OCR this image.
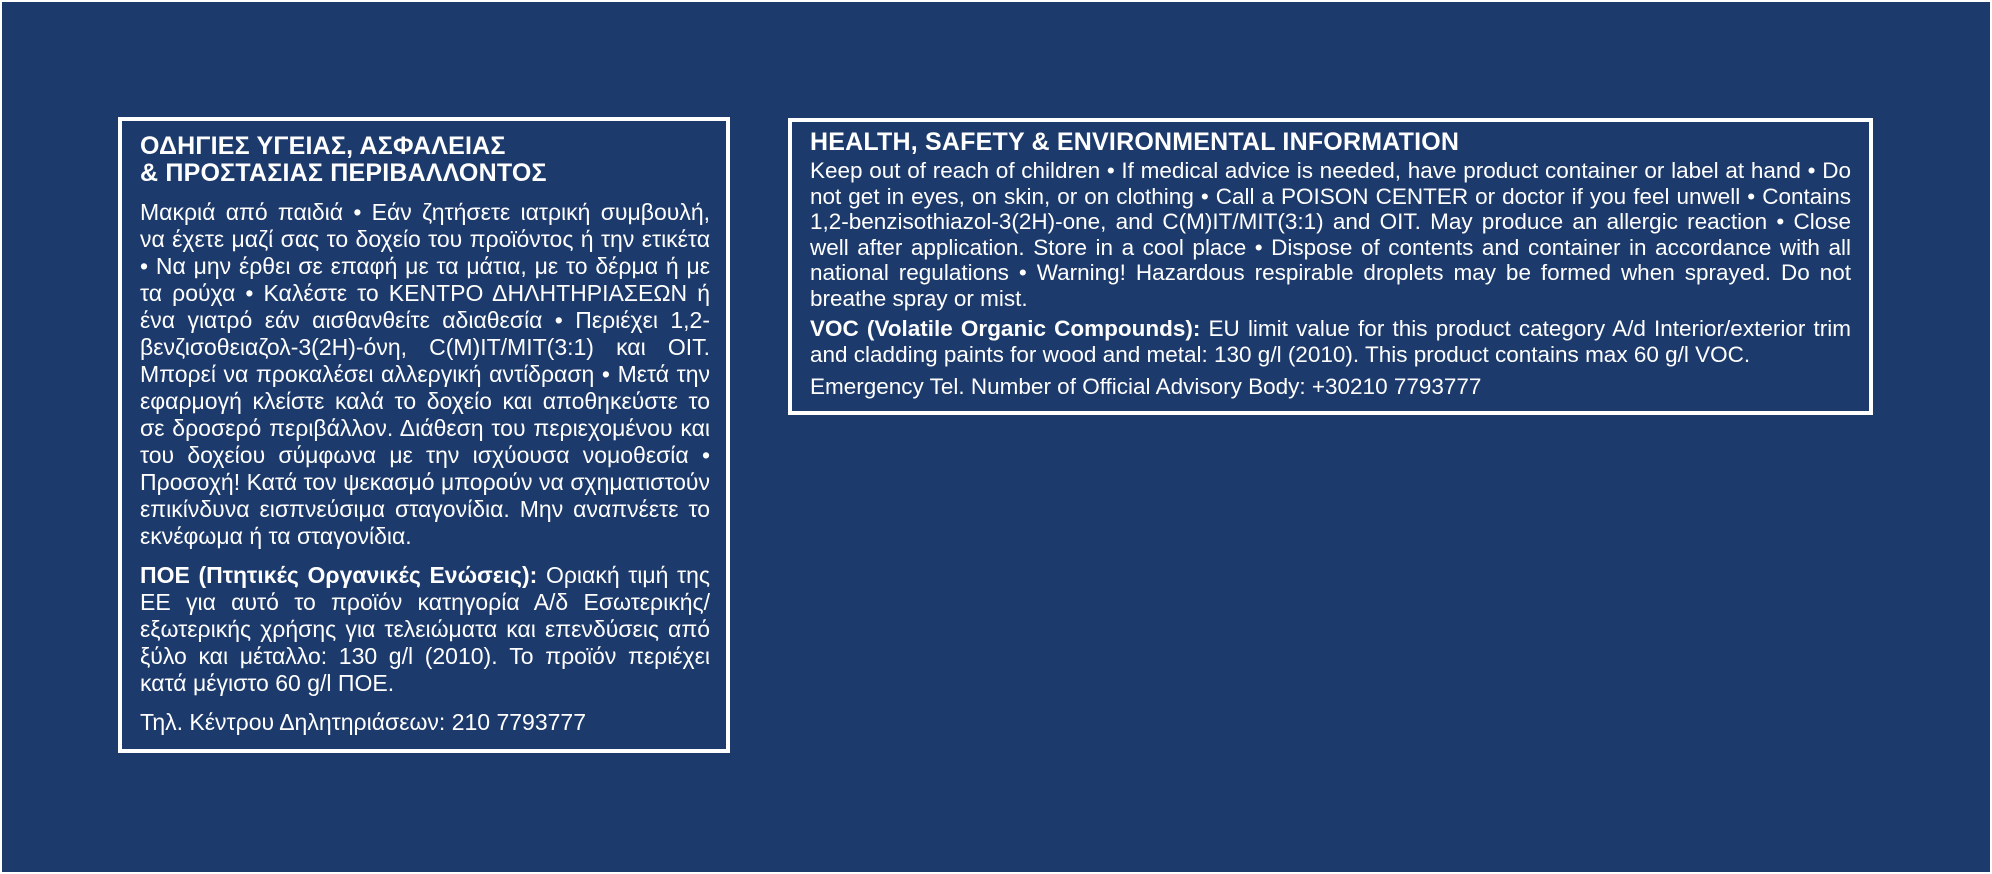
ΟΔΗΓΙΕΣ ΥΓΕΙΑΣ, ΑΣΦΑΛΕΙΑΣ
& ΠΡΟΣΤΑΣΙΑΣ ΠΕΡΙΒΑΛΛΟΝΤΟΣ

Μακριά από παιδιά • Εάν ζητήσετε ιατρική συμβουλή, να έχετε μαζί σας το δοχείο του προϊόντος ή την ετικέτα • Να μην έρθει σε επαφή με τα μάτια, με το δέρμα ή με τα ρούχα • Καλέστε το ΚΕΝΤΡΟ ΔΗΛΗΤΗΡΙΑΣΕΩΝ ή ένα γιατρό εάν αισθανθείτε αδιαθεσία • Περιέχει 1,2-βενζισοθειαζολ-3(2Η)-όνη, C(M)IT/MIT(3:1) και OIT. Μπορεί να προκαλέσει αλλεργική αντίδραση • Μετά την εφαρμογή κλείστε καλά το δοχείο και αποθηκεύστε το σε δροσερό περιβάλλον. Διάθεση του περιεχομένου και του δοχείου σύμφωνα με την ισχύουσα νομοθεσία • Προσοχή! Κατά τον ψεκασμό μπορούν να σχηματιστούν επικίνδυνα εισπνεύσιμα σταγονίδια. Μην αναπνέετε το εκνέφωμα ή τα σταγονίδια.

ΠΟΕ (Πτητικές Οργανικές Ενώσεις): Οριακή τιμή της ΕΕ για αυτό το προϊόν κατηγορία Α/δ Εσωτερικής/εξωτερικής χρήσης για τελειώματα και επενδύσεις από ξύλο και μέταλλο: 130 g/l (2010). Το προϊόν περιέχει κατά μέγιστο 60 g/l ΠΟΕ.

Τηλ. Κέντρου Δηλητηριάσεων: 210 7793777

HEALTH, SAFETY & ENVIRONMENTAL INFORMATION

Keep out of reach of children • If medical advice is needed, have product container or label at hand • Do not get in eyes, on skin, or on clothing • Call a POISON CENTER or doctor if you feel unwell • Contains 1,2-benzisothiazol-3(2H)-one, and C(M)IT/MIT(3:1) and OIT. May produce an allergic reaction • Close well after application. Store in a cool place • Dispose of contents and container in accordance with all national regulations • Warning! Hazardous respirable droplets may be formed when sprayed. Do not breathe spray or mist.

VOC (Volatile Organic Compounds): EU limit value for this product category A/d Interior/exterior trim and cladding paints for wood and metal: 130 g/l (2010). This product contains max 60 g/l VOC.

Emergency Tel. Number of Official Advisory Body: +30210 7793777
